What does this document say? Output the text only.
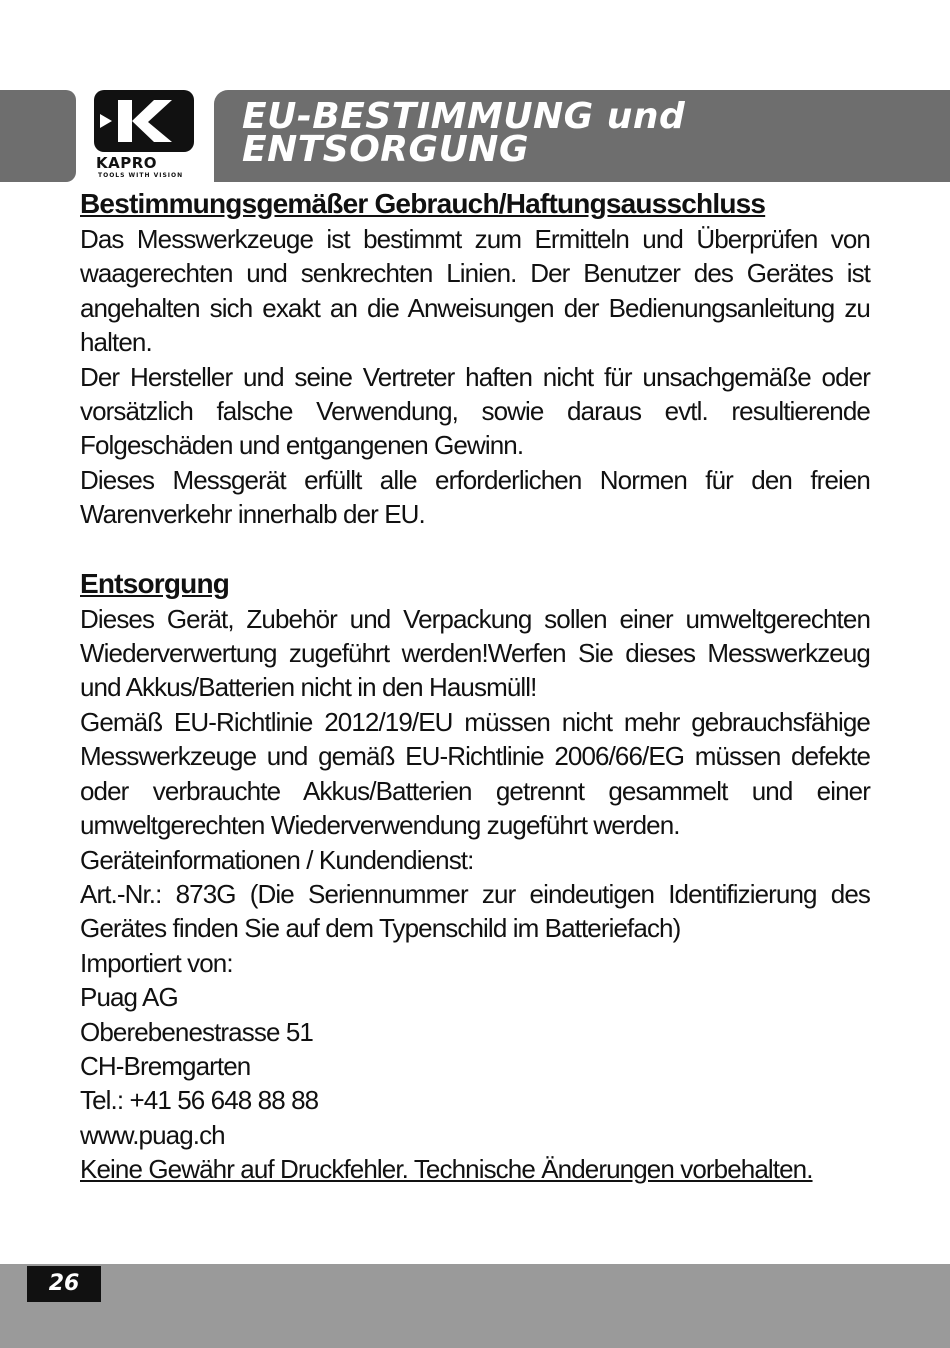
KAPRO
TOOLS WITH VISION
EU-BESTIMMUNG und
ENTSORGUNG
Bestimmungsgemäßer Gebrauch/Haftungsausschluss

Das Messwerkzeuge ist bestimmt zum Ermitteln und Überprüfen von waagerechten und senkrechten Linien. Der Benutzer des Gerätes ist angehalten sich exakt an die Anweisungen der Bedienungsanleitung zu halten.

Der Hersteller und seine Vertreter haften nicht für unsachgemäße oder vorsätzlich falsche Verwendung, sowie daraus evtl. resultierende Folgeschäden und entgangenen Gewinn.

Dieses Messgerät erfüllt alle erforderlichen Normen für den freien Warenverkehr innerhalb der EU.

Entsorgung

Dieses Gerät, Zubehör und Verpackung sollen einer umweltgerechten Wiederverwertung zugeführt werden!Werfen Sie dieses Messwerkzeug und Akkus/Batterien nicht in den Hausmüll!

Gemäß EU-Richtlinie 2012/19/EU müssen nicht mehr gebrauchsfähige Messwerkzeuge und gemäß EU-Richtlinie 2006/66/EG müssen defekte oder verbrauchte Akkus/Batterien getrennt gesammelt und einer umweltgerechten Wiederverwendung zugeführt werden.

Geräteinformationen / Kundendienst:

Art.-Nr.: 873G (Die Seriennummer zur eindeutigen Identifizierung des Gerätes finden Sie auf dem Typenschild im Batteriefach)

Importiert von:

Puag AG

Oberebenestrasse 51

CH-Bremgarten

Tel.: +41 56 648 88 88

www.puag.ch

Keine Gewähr auf Druckfehler. Technische Änderungen vorbehalten.

26
